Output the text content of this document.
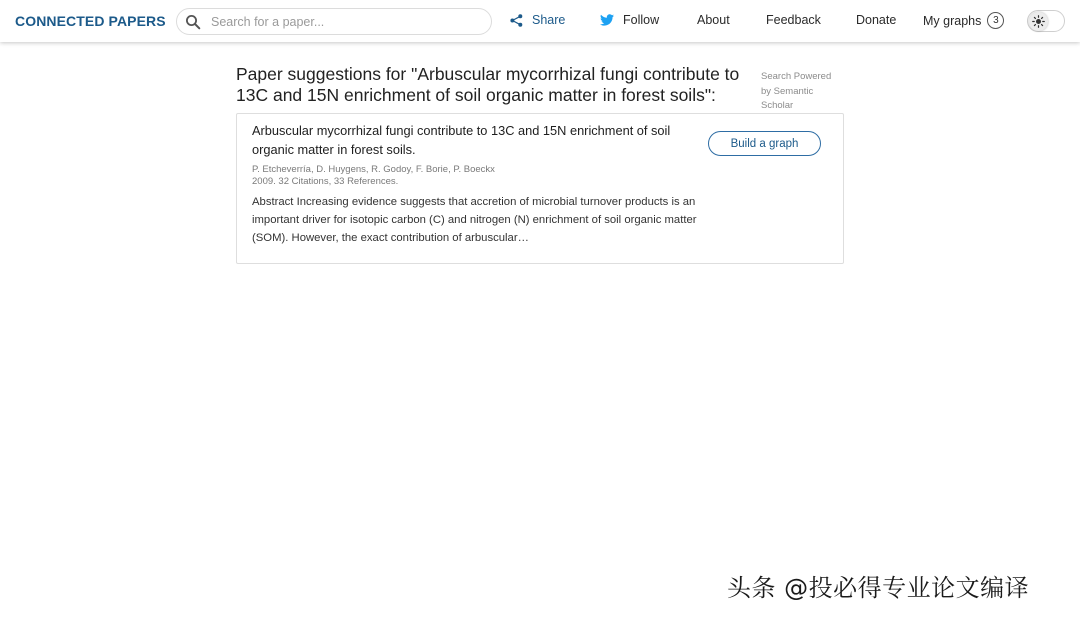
CONNECTED PAPERS
Search for a paper...	Share	Follow	About	Feedback	Donate My graphs	3
Paper suggestions for "Arbuscular mycorrhizal fungi contribute to 13C and 15N enrichment of soil organic matter in forest soils":
Search Powered by Semantic Scholar
Arbuscular mycorrhizal fungi contribute to 13C and 15N enrichment of soil organic matter in forest soils.
P. Etcheverría, D. Huygens, R. Godoy, F. Borie, P. Boeckx
2009. 32 Citations, 33 References.
Abstract Increasing evidence suggests that accretion of microbial turnover products is an important driver for isotopic carbon (C) and nitrogen (N) enrichment of soil organic matter (SOM). However, the exact contribution of arbuscular…
Build a graph
头条 @投必得专业论文编译
